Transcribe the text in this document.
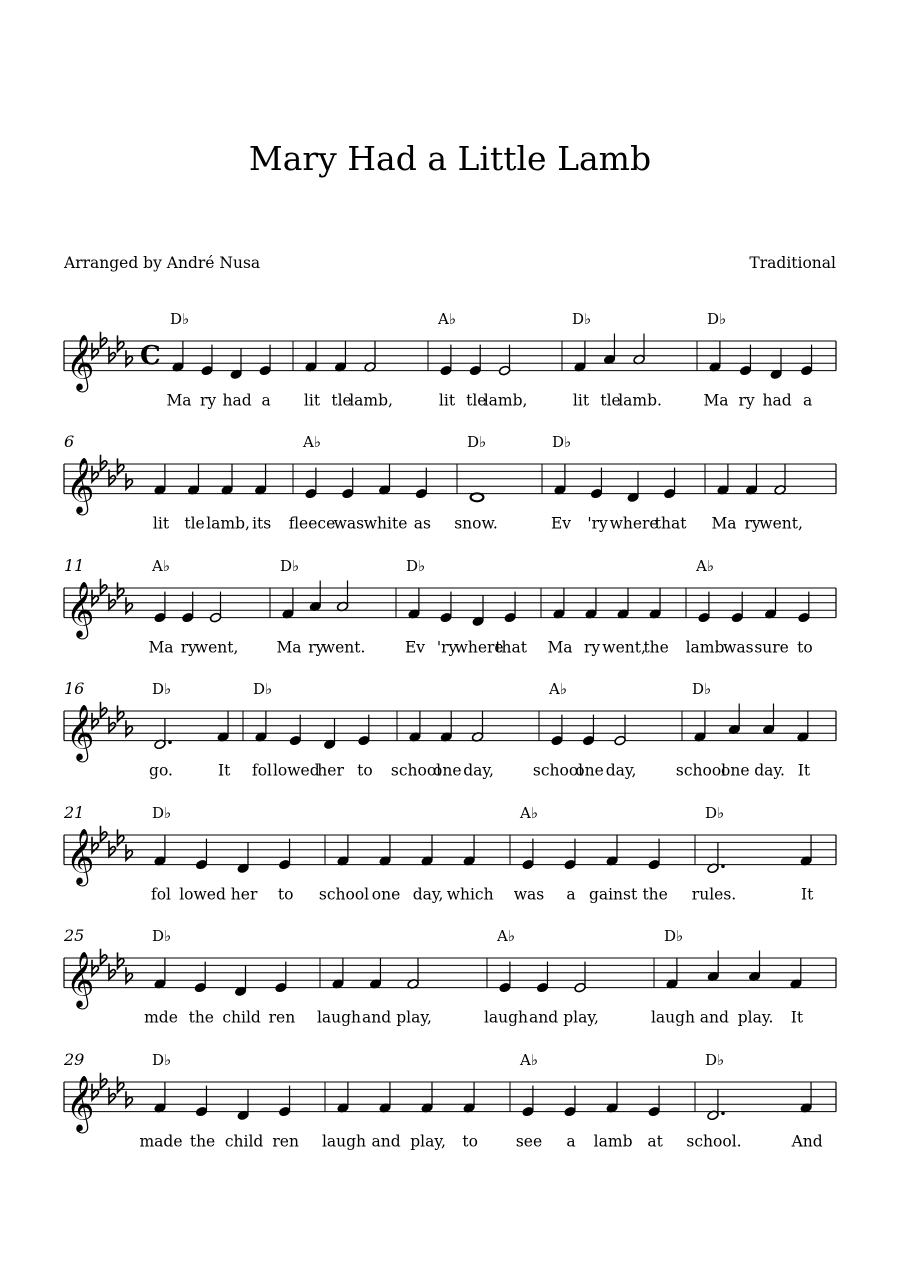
Mary Had a Little Lamb
Arranged by André Nusa	Traditional
𝄞 C
D♭
Ma ry had a lit tle
lamb,
A♭
lit tle
lamb,
D♭
lit tle
lamb.
D♭
Ma ry had a
𝄞
6
lit tle lamb, its
A♭
fleece
was white as
D♭
snow.
D♭
Ev 'ry where
that Ma ry
went,
𝄞
11	A♭
Ma ry
went,
D♭
Ma ry
went.
D♭
Ev 'ry
where
that Ma ry went,
the
A♭
lamb
was sure to
𝄞
16	D♭
go.	It
D♭
fol lowed
her to school
one day,
A♭
school
one day,
D♭
school
one day. It
𝄞
21	D♭
fol lowed her to school one day, which
A♭
was a gainst the
D♭
rules.	It
𝄞
25	D♭
mde the child ren laugh and play,
A♭
laugh and play,
D♭
laugh and play. It
𝄞
29	D♭
made the child ren laugh and play, to
A♭
see a lamb at
D♭
school.	And
